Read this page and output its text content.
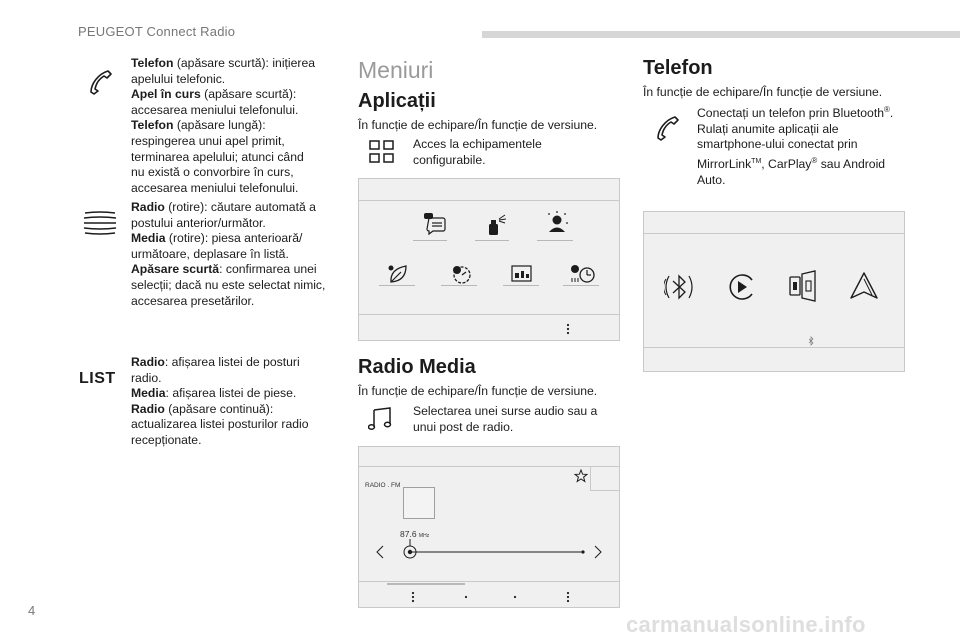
PEUGEOT Connect Radio
4
carmanualsonline.info

Telefon (apăsare scurtă): inițierea

apelului telefonic.

Apel în curs (apăsare scurtă):

accesarea meniului telefonului.

Telefon (apăsare lungă):

respingerea unui apel primit,

terminarea apelului; atunci când

nu există o convorbire în curs,

accesarea meniului telefonului.

Radio (rotire): căutare automată a

postului anterior/următor.

Media (rotire): piesa anterioară/

următoare, deplasare în listă.

Apăsare scurtă: confirmarea unei

selecții; dacă nu este selectat nimic,

accesarea presetărilor.

LIST

Radio: afișarea listei de posturi

radio.

Media: afișarea listei de piese.

Radio (apăsare continuă):

actualizarea listei posturilor radio

recepționate.

Meniuri
Aplicații
În funcție de echipare/În funcție de versiune.
Acces la echipamentele
configurabile.
Radio Media
În funcție de echipare/În funcție de versiune.
Selectarea unei surse audio sau a
unui post de radio.
RADIO . FM
87.6 MHz
Telefon
În funcție de echipare/În funcție de versiune.
Conectați un telefon prin Bluetooth®.
Rulați anumite aplicații ale
smartphone-ului conectat prin
MirrorLink™, CarPlay® sau Android
Auto.
